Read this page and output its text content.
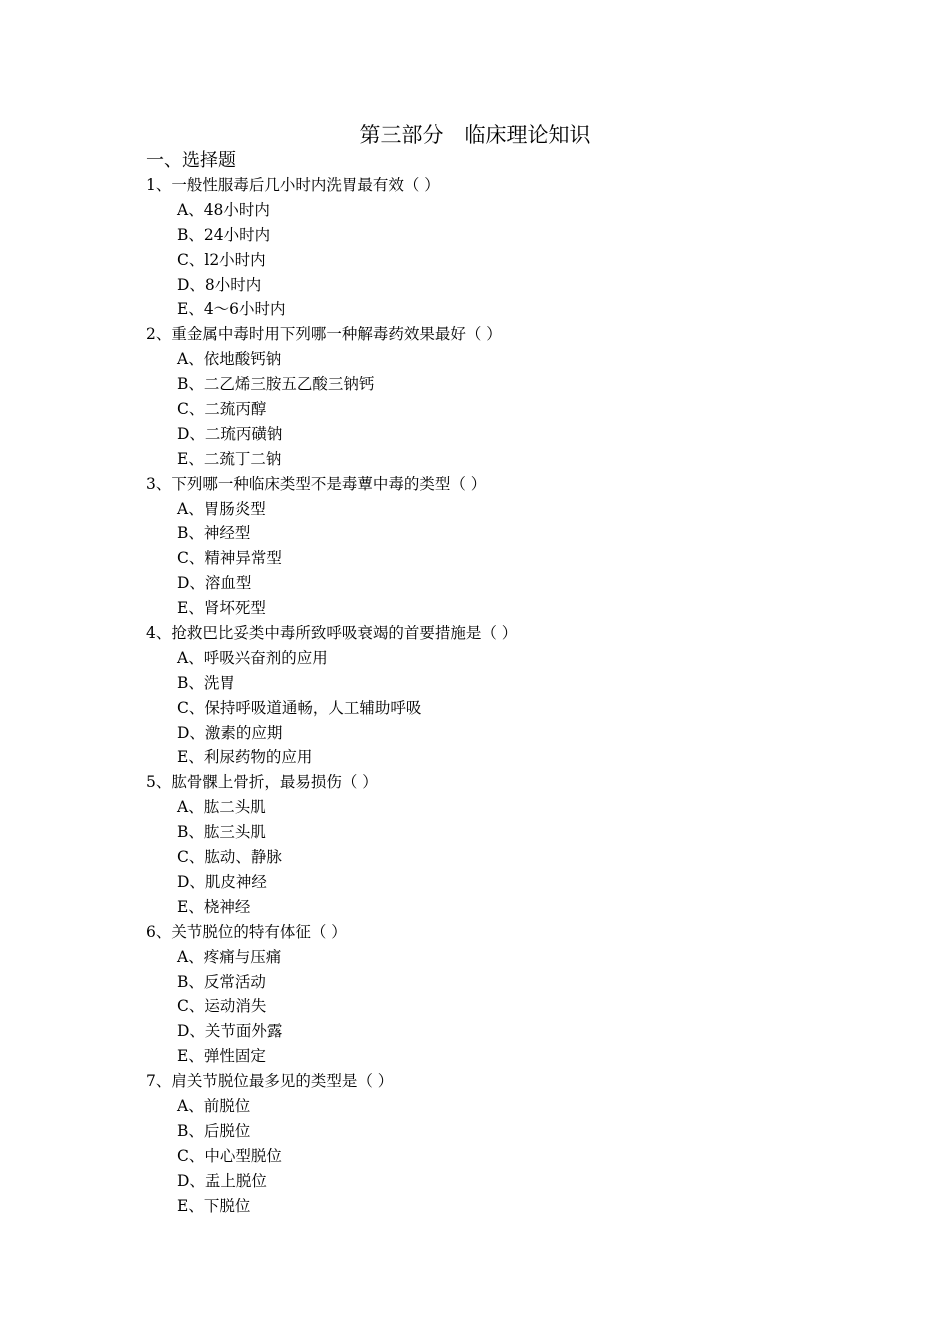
第三部分　临床理论知识
一、选择题
1、一般性服毒后几小时内洗胃最有效（ ）
A、48小时内
B、24小时内
C、l2小时内
D、8小时内
E、4～6小时内
2、重金属中毒时用下列哪一种解毒药效果最好（ ）
A、依地酸钙钠
B、二乙烯三胺五乙酸三钠钙
C、二巯丙醇
D、二琉丙磺钠
E、二巯丁二钠
3、下列哪一种临床类型不是毒蕈中毒的类型（ ）
A、胃肠炎型
B、神经型
C、精神异常型
D、溶血型
E、肾坏死型
4、抢救巴比妥类中毒所致呼吸衰竭的首要措施是（ ）
A、呼吸兴奋剂的应用
B、洗胃
C、保持呼吸道通畅，人工辅助呼吸
D、激素的应期
E、利尿药物的应用
5、肱骨髁上骨折，最易损伤（ ）
A、肱二头肌
B、肱三头肌
C、肱动、静脉
D、肌皮神经
E、桡神经
6、关节脱位的特有体征（ ）
A、疼痛与压痛
B、反常活动
C、运动消失
D、关节面外露
E、弹性固定
7、肩关节脱位最多见的类型是（ ）
A、前脱位
B、后脱位
C、中心型脱位
D、盂上脱位
E、下脱位
